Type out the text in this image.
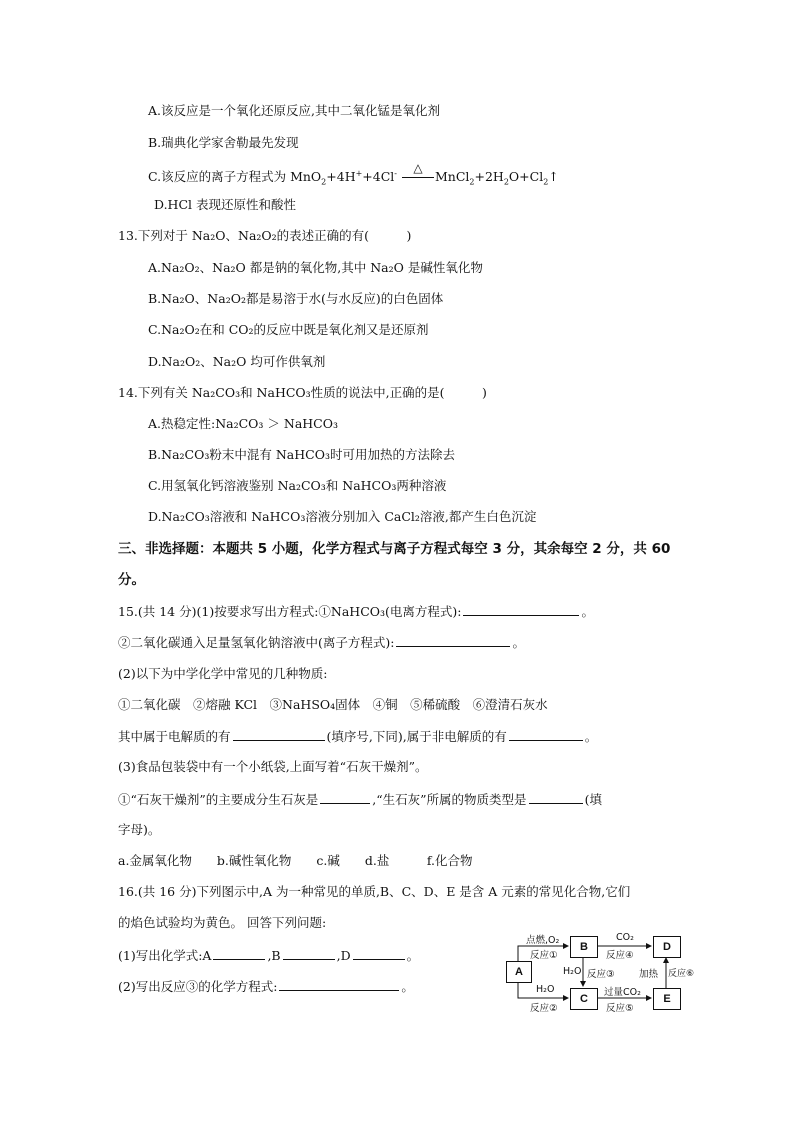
A.该反应是一个氧化还原反应,其中二氧化锰是氧化剂
B.瑞典化学家舍勒最先发现
C.该反应的离子方程式为 MnO$_2$+4H++4Cl-	△
$MnCl_2+2H_2O+Cl_2↑$
D.HCl 表现还原性和酸性
13.下列对于 Na₂O、Na₂O₂的表述正确的有(　　　)
A.Na₂O₂、Na₂O 都是钠的氧化物,其中 Na₂O 是碱性氧化物
B.Na₂O、Na₂O₂都是易溶于水(与水反应)的白色固体
C.Na₂O₂在和 CO₂的反应中既是氧化剂又是还原剂
D.Na₂O₂、Na₂O 均可作供氧剂
14.下列有关 Na₂CO₃和 NaHCO₃性质的说法中,正确的是(　　　)
A.热稳定性:Na₂CO₃ ＞ NaHCO₃
B.Na₂CO₃粉末中混有 NaHCO₃时可用加热的方法除去
C.用氢氧化钙溶液鉴别 Na₂CO₃和 NaHCO₃两种溶液
D.Na₂CO₃溶液和 NaHCO₃溶液分别加入 CaCl₂溶液,都产生白色沉淀
三、非选择题：本题共 5 小题，化学方程式与离子方程式每空 3 分，其余每空 2 分，共 60
分。
15.(共 14 分)(1)按要求写出方程式:①NaHCO₃(电离方程式):	。
②二氧化碳通入足量氢氧化钠溶液中(离子方程式):	。
(2)以下为中学化学中常见的几种物质:
①二氧化碳　②熔融 KCl　③NaHSO₄固体　④铜　⑤稀硫酸　⑥澄清石灰水
其中属于电解质的有	(填序号,下同),属于非电解质的有	。
(3)食品包装袋中有一个小纸袋,上面写着“石灰干燥剂”。
①“石灰干燥剂”的主要成分生石灰是	,“生石灰”所属的物质类型是	(填
字母)。
a.金属氧化物　　b.碱性氧化物　　c.碱　　d.盐　　　f.化合物
16.(共 16 分)下列图示中,A 为一种常见的单质,B、C、D、E 是含 A 元素的常见化合物,它们
的焰色试验均为黄色。 回答下列问题:
(1)写出化学式:A	,B	,D	。
(2)写出反应③的化学方程式:	。
A
B
C
D
E
点燃,O₂
反应①
CO₂
反应④
H₂O 反应③
H₂O
反应②
过量CO₂
反应⑤
加热 反应⑥
